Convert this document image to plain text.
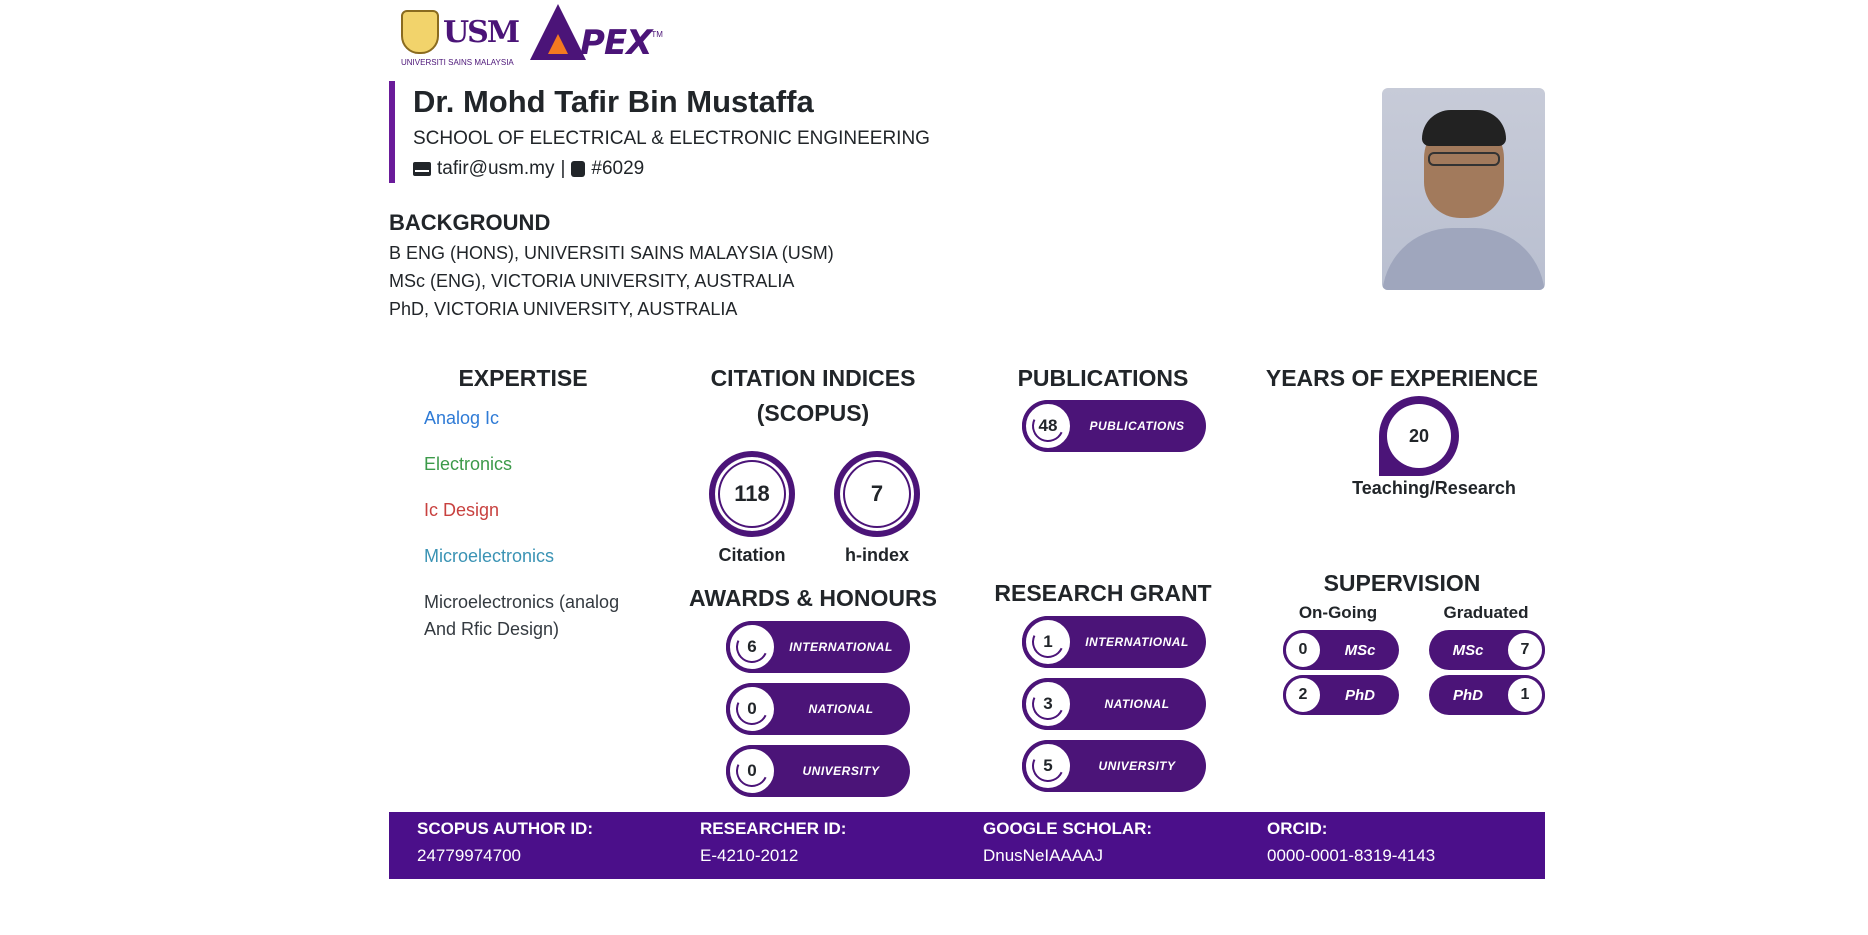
USM
UNIVERSITI SAINS MALAYSIA PEX TM
Dr. Mohd Tafir Bin Mustaffa
SCHOOL OF ELECTRICAL & ELECTRONIC ENGINEERING
tafir@usm.my | #6029
BACKGROUND
B ENG (HONS), UNIVERSITI SAINS MALAYSIA (USM)
MSc (ENG), VICTORIA UNIVERSITY, AUSTRALIA
PhD, VICTORIA UNIVERSITY, AUSTRALIA
EXPERTISE
Analog Ic
Electronics
Ic Design
Microelectronics
Microelectronics (analog And Rfic Design)
CITATION INDICES
(SCOPUS)
118
Citation
7
h-index
PUBLICATIONS
48	PUBLICATIONS
YEARS OF EXPERIENCE
20
Teaching/Research
AWARDS & HONOURS
6	INTERNATIONAL
0	NATIONAL
0	UNIVERSITY
RESEARCH GRANT
1	INTERNATIONAL
3	NATIONAL
5	UNIVERSITY
SUPERVISION
On-Going	Graduated
0	MSc
2	PhD
MSc	7
PhD	1
SCOPUS AUTHOR ID:
24779974700
RESEARCHER ID:
E-4210-2012
GOOGLE SCHOLAR:
DnusNeIAAAAJ
ORCID:
0000-0001-8319-4143
